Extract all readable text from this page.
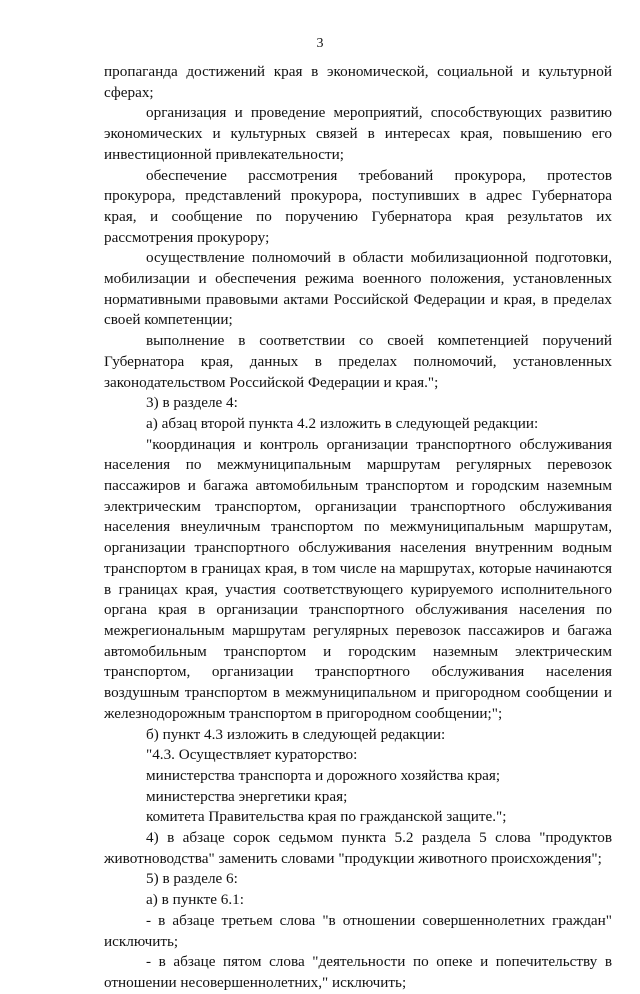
3

пропаганда достижений края в экономической, социальной и культурной сферах;

организация и проведение мероприятий, способствующих развитию экономических и культурных связей в интересах края, повышению его инвестиционной привлекательности;

обеспечение рассмотрения требований прокурора, протестов прокурора, представлений прокурора, поступивших в адрес Губернатора края, и сообщение по поручению Губернатора края результатов их рассмотрения прокурору;

осуществление полномочий в области мобилизационной подготовки, мобилизации и обеспечения режима военного положения, установленных нормативными правовыми актами Российской Федерации и края, в пределах своей компетенции;

выполнение в соответствии со своей компетенцией поручений Губернатора края, данных в пределах полномочий, установленных законодательством Российской Федерации и края.";

3) в разделе 4:

а) абзац второй пункта 4.2 изложить в следующей редакции:

"координация и контроль организации транспортного обслуживания населения по межмуниципальным маршрутам регулярных перевозок пассажиров и багажа автомобильным транспортом и городским наземным электрическим транспортом, организации транспортного обслуживания населения внеуличным транспортом по межмуниципальным маршрутам, организации транспортного обслуживания населения внутренним водным транспортом в границах края, в том числе на маршрутах, которые начинаются в границах края, участия соответствующего курируемого исполнительного органа края в организации транспортного обслуживания населения по межрегиональным маршрутам регулярных перевозок пассажиров и багажа автомобильным транспортом и городским наземным электрическим транспортом, организации транспортного обслуживания населения воздушным транспортом в межмуниципальном и пригородном сообщении и железнодорожным транспортом в пригородном сообщении;";

б) пункт 4.3 изложить в следующей редакции:

"4.3. Осуществляет кураторство:

министерства транспорта и дорожного хозяйства края;

министерства энергетики края;

комитета Правительства края по гражданской защите.";

4) в абзаце сорок седьмом пункта 5.2 раздела 5 слова "продуктов животноводства" заменить словами "продукции животного происхождения";

5) в разделе 6:

а) в пункте 6.1:

- в абзаце третьем слова "в отношении совершеннолетних граждан" исключить;

- в абзаце пятом слова "деятельности по опеке и попечительству в отношении несовершеннолетних," исключить;
